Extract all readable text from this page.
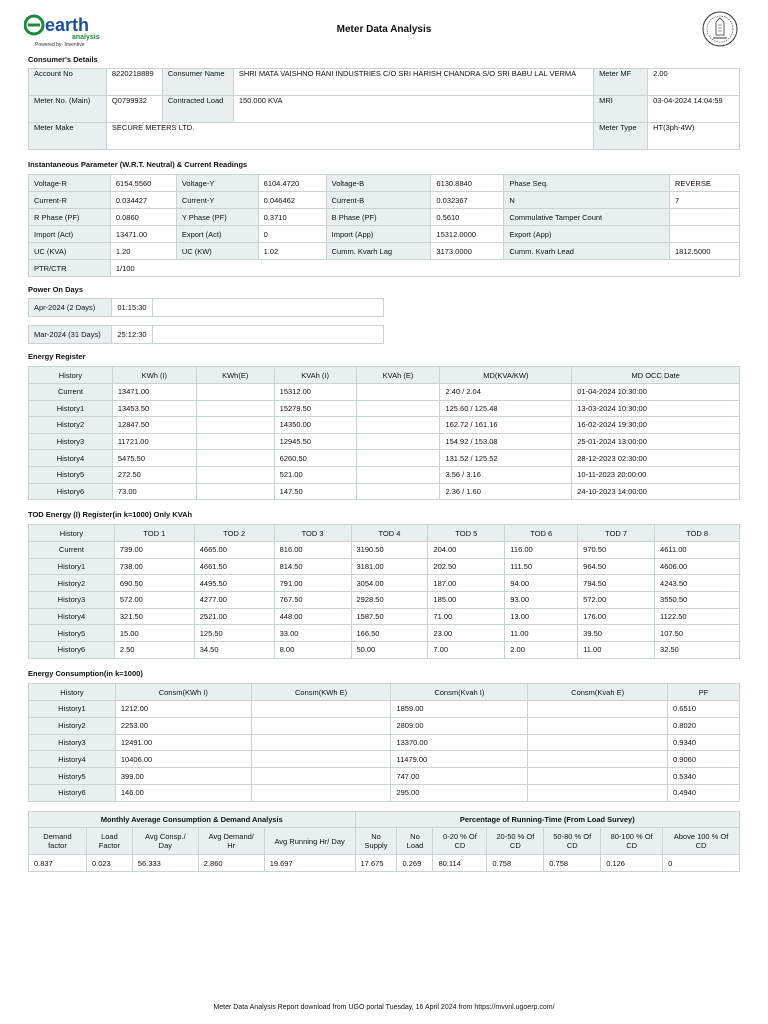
earth
analysis
Powered by- Inventive
Meter Data Analysis
Consumer's Details
Account No	8220218889	Consumer Name	SHRI MATA VAISHNO RANI INDUSTRIES C/O SRI HARISH CHANDRA S/O SRI BABU LAL VERMA	Meter MF	2.00
Meter No. (Main)	Q0799932	Contracted Load	150.000 KVA	MRI	03-04-2024 14:04:59
Meter Make	SECURE METERS LTD.			Meter Type	HT(3ph-4W)
Instantaneous Parameter (W.R.T. Neutral) & Current Readings
Voltage-R	6154.5560	Voltage-Y	6104.4720	Voltage-B	6130.8840	Phase Seq.	REVERSE
Current-R	0.034427	Current-Y	0.046462	Current-B	0.032367	N	7
R Phase (PF)	0.0860	Y Phase (PF)	0.3710	B Phase (PF)	0.5610	Commulative Tamper Count	
Import (Act)	13471.00	Export (Act)	0	Import (App)	15312.0000	Export (App)	
UC (KVA)	1.20	UC (KW)	1.02	Cumm. Kvarh Lag	3173.0000	Cumm. Kvarh Lead	1812.5000
PTR/CTR	1/100						
Power On Days
Apr-2024 (2 Days)	01:15:30	
Mar-2024 (31 Days)	25:12:30	
Energy Register
History	KWh (I)	KWh(E)	KVAh (I)	KVAh (E)	MD(KVA/KW)	MD OCC Date
Current	13471.00		15312.00		2.40 / 2.04	01-04-2024 10:30:00
History1	13453.50		15279.50		125.60 / 125.48	13-03-2024 10:30:00
History2	12847.50		14350.00		162.72 / 161.16	16-02-2024 19:30:00
History3	11721.00		12945.50		154.92 / 153.08	25-01-2024 13:00:00
History4	5475.50		6260.50		131.52 / 125.52	28-12-2023 02:30:00
History5	272.50		521.00		3.56 / 3.16	10-11-2023 20:00:00
History6	73.00		147.50		2.36 / 1.60	24-10-2023 14:00:00
TOD Energy (I) Register(in k=1000) Only KVAh
History	TOD 1	TOD 2	TOD 3	TOD 4	TOD 5	TOD 6	TOD 7	TOD 8
Current	739.00	4665.00	816.00	3190.50	204.00	116.00	970.50	4611.00
History1	738.00	4661.50	814.50	3181.00	202.50	111.50	964.50	4606.00
History2	690.50	4495.50	791.00	3054.00	187.00	94.00	794.50	4243.50
History3	572.00	4277.00	767.50	2928.50	185.00	93.00	572.00	3550.50
History4	321.50	2521.00	448.00	1587.50	71.00	13.00	176.00	1122.50
History5	15.00	125.50	33.00	166.50	23.00	11.00	39.50	107.50
History6	2.50	34.50	8.00	50.00	7.00	2.00	11.00	32.50
Energy Consumption(in k=1000)
History	Consm(KWh I)	Consm(KWh E)	Consm(Kvah I)	Consm(Kvah E)	PF
History1	1212.00		1859.00		0.6510
History2	2253.00		2809.00		0.8020
History3	12491.00		13370.00		0.9340
History4	10406.00		11479.00		0.9060
History5	399.00		747.00		0.5340
History6	146.00		295.00		0.4940
Monthly Average Consumption & Demand Analysis					Percentage of Running-Time (From Load Survey)						
Demand factor	Load Factor	Avg Consp./ Day	Avg Demand/ Hr	Avg Running Hr/ Day	No Supply	No Load	0-20 % Of CD	20-50 % Of CD	50-80 % Of CD	80-100 % Of CD	Above 100 % Of CD
0.837	0.023	56.333	2.860	19.697	17.675	0.269	80.114	0.758	0.758	0.126	0
Meter Data Analysis Report download from UGO portal Tuesday, 16 April 2024 from https://mvvnl.ugoerp.com/
